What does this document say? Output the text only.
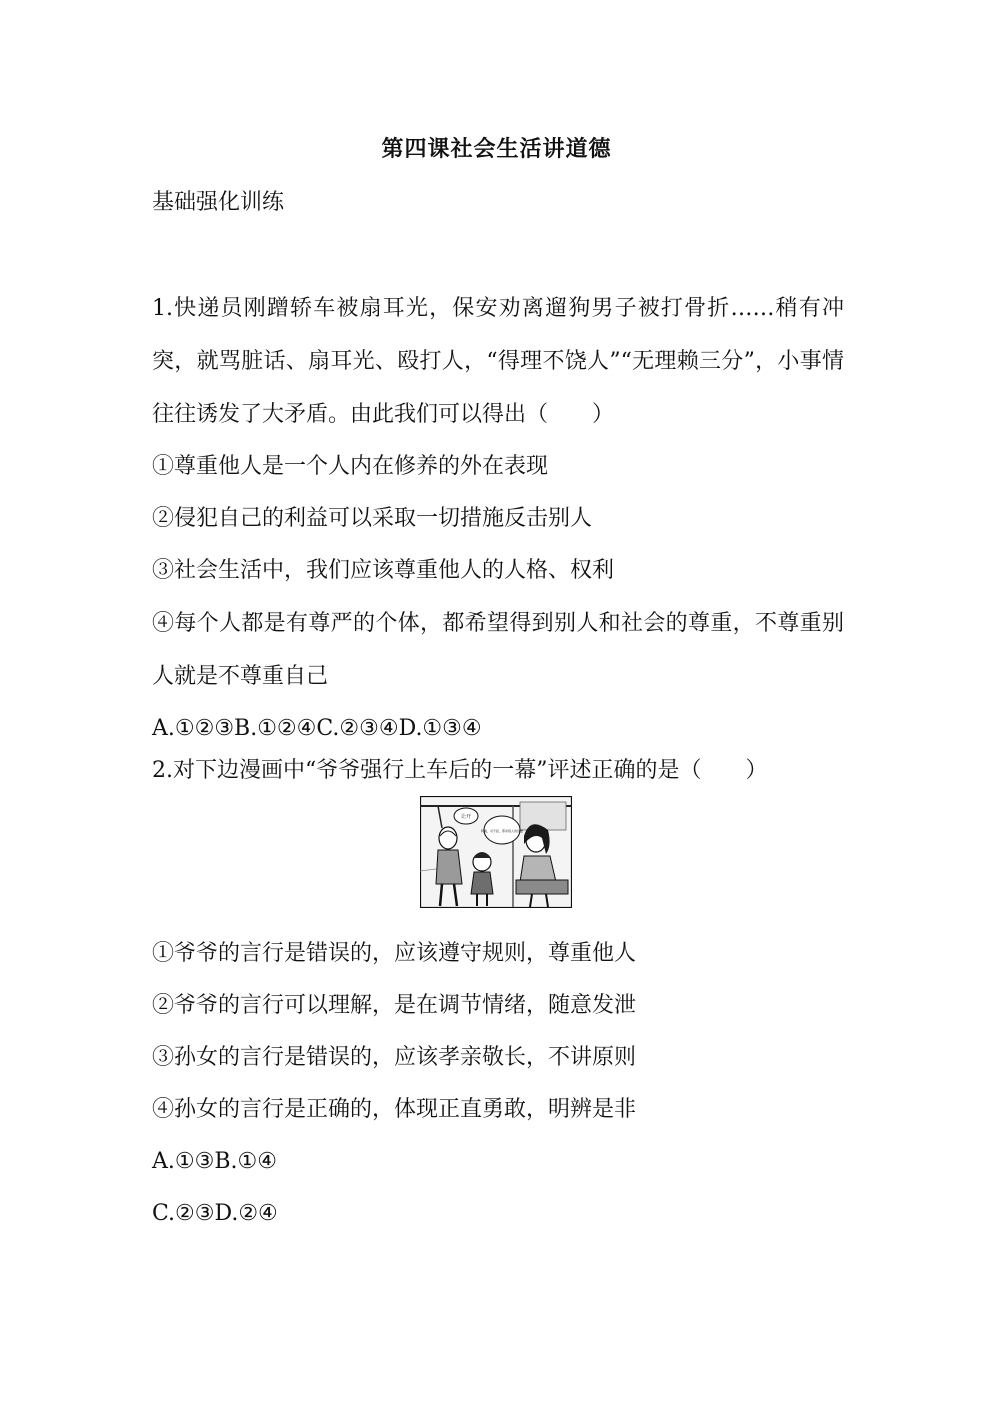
第四课社会生活讲道德
基础强化训练

1.快递员刚蹭轿车被扇耳光，保安劝离遛狗男子被打骨折……稍有冲突，就骂脏话、扇耳光、殴打人，“得理不饶人”“无理赖三分”，小事情往往诱发了大矛盾。由此我们可以得出（　　）

①尊重他人是一个人内在修养的外在表现

②侵犯自己的利益可以采取一切措施反击别人

③社会生活中，我们应该尊重他人的人格、权利

④每个人都是有尊严的个体，都希望得到别人和社会的尊重，不尊重别人就是不尊重自己

A.①②③B.①②④C.②③④D.①③④

2.对下边漫画中“爷爷强行上车后的一幕”评述正确的是（　　）

让开
阿姨，对不起，那是别人的位置

①爷爷的言行是错误的，应该遵守规则，尊重他人

②爷爷的言行可以理解，是在调节情绪，随意发泄

③孙女的言行是错误的，应该孝亲敬长，不讲原则

④孙女的言行是正确的，体现正直勇敢，明辨是非

A.①③B.①④

C.②③D.②④
